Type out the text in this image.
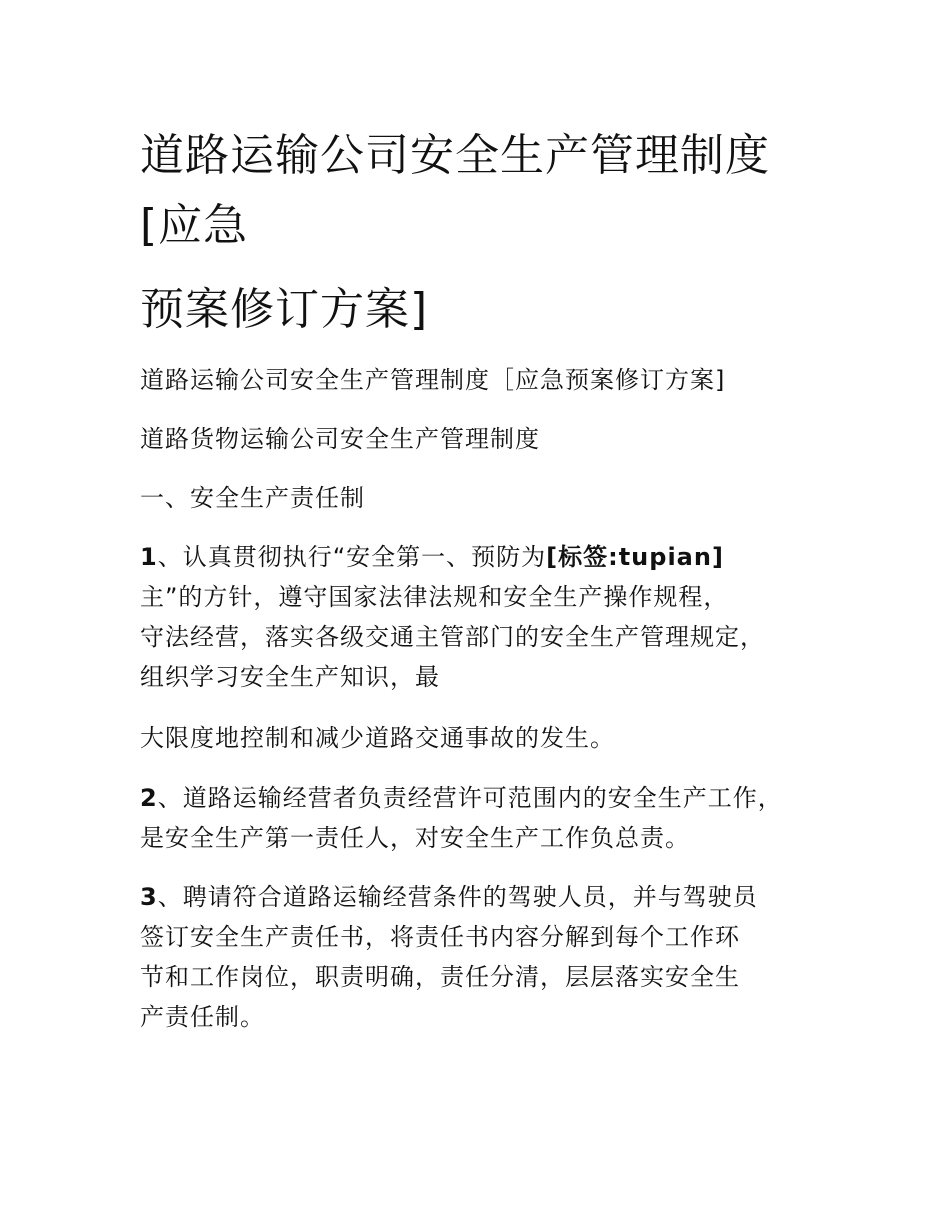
道路运输公司安全生产管理制度
[应急
预案修订方案]
道路运输公司安全生产管理制度［应急预案修订方案]
道路货物运输公司安全生产管理制度
一、安全生产责任制
1、认真贯彻执行“安全第一、预防为[标签:tupian]
主”的方针，遵守国家法律法规和安全生产操作规程，
守法经营，落实各级交通主管部门的安全生产管理规定，
组织学习安全生产知识，最
大限度地控制和减少道路交通事故的发生。
2、道路运输经营者负责经营许可范围内的安全生产工作，
是安全生产第一责任人，对安全生产工作负总责。
3、聘请符合道路运输经营条件的驾驶人员，并与驾驶员
签订安全生产责任书，将责任书内容分解到每个工作环
节和工作岗位，职责明确，责任分清，层层落实安全生
产责任制。
